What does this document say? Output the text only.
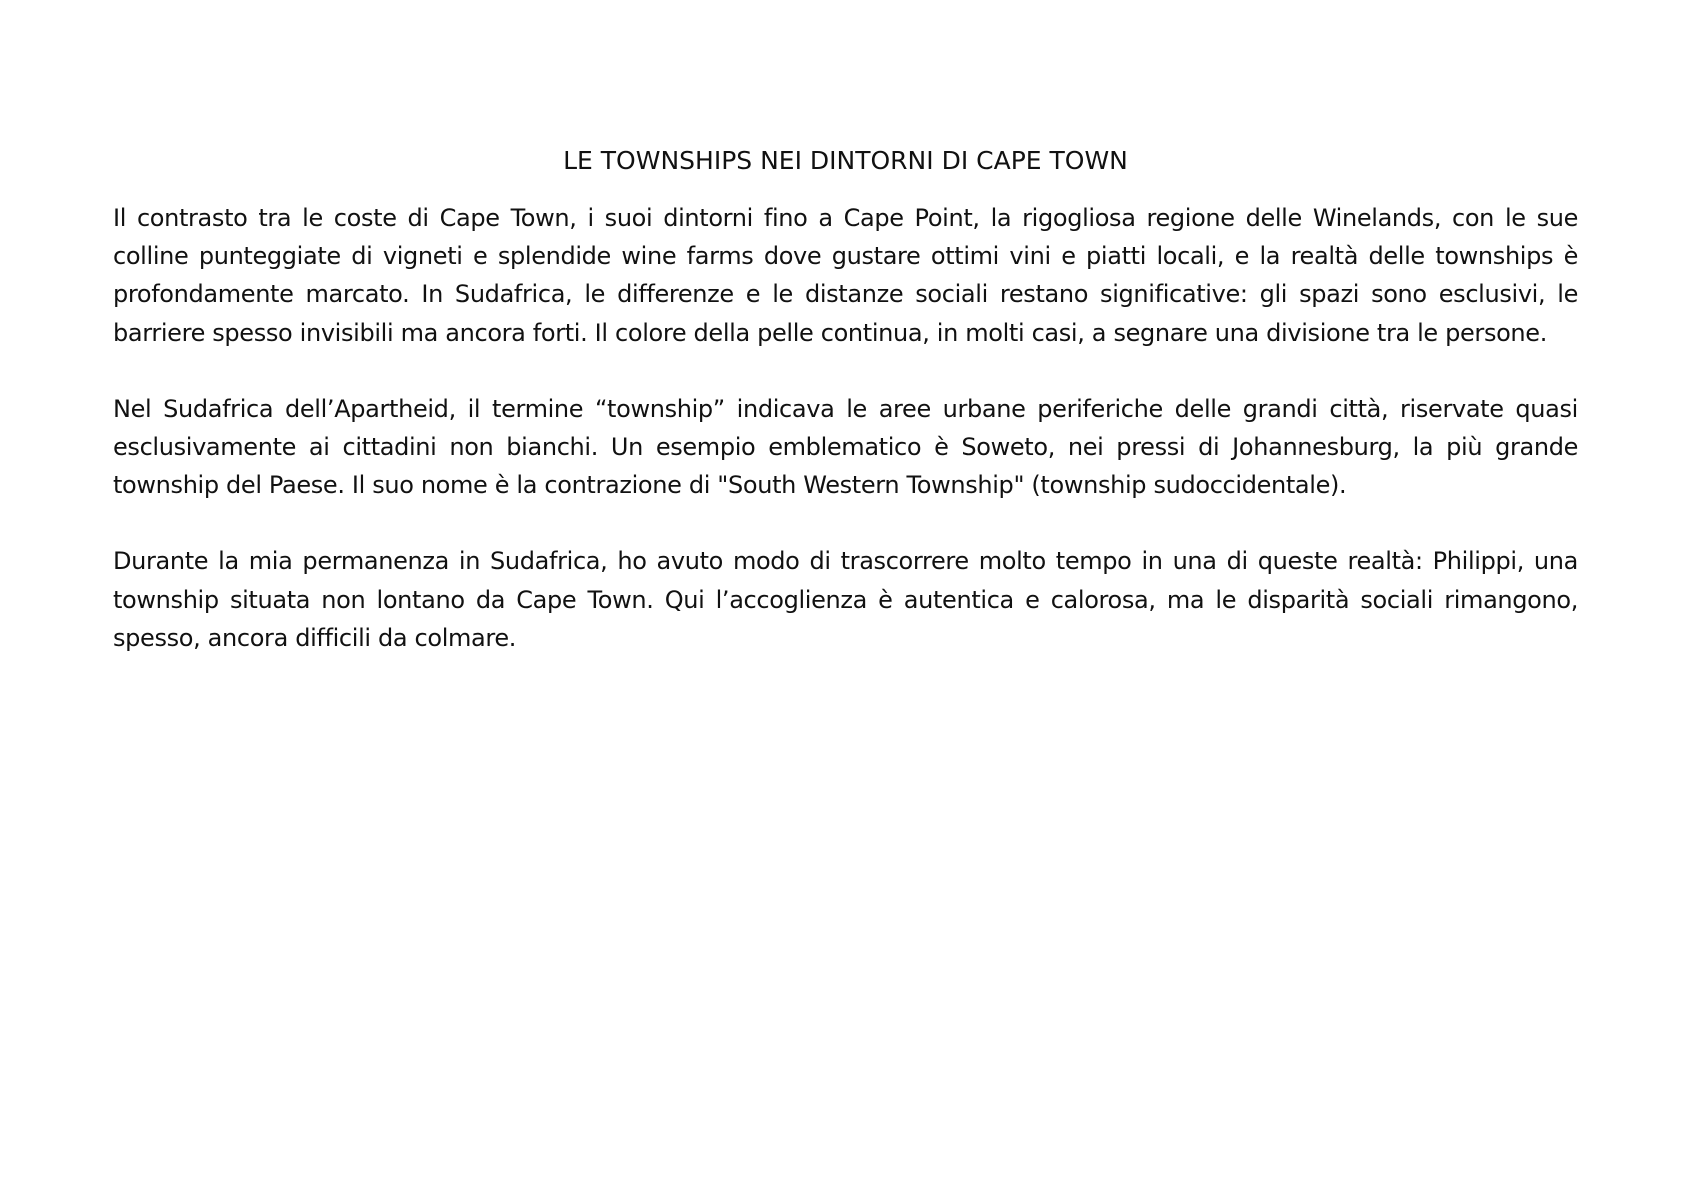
LE TOWNSHIPS NEI DINTORNI DI CAPE TOWN

Il contrasto tra le coste di Cape Town, i suoi dintorni fino a Cape Point, la rigogliosa regione delle Winelands, con le sue colline punteggiate di vigneti e splendide wine farms dove gustare ottimi vini e piatti locali, e la realtà delle townships è profondamente marcato. In Sudafrica, le differenze e le distanze sociali restano significative: gli spazi sono esclusivi, le barriere spesso invisibili ma ancora forti. Il colore della pelle continua, in molti casi, a segnare una divisione tra le persone.

Nel Sudafrica dell’Apartheid, il termine “township” indicava le aree urbane periferiche delle grandi città, riservate quasi esclusivamente ai cittadini non bianchi. Un esempio emblematico è Soweto, nei pressi di Johannesburg, la più grande township del Paese. Il suo nome è la contrazione di "South Western Township" (township sudoccidentale).

Durante la mia permanenza in Sudafrica, ho avuto modo di trascorrere molto tempo in una di queste realtà: Philippi, una township situata non lontano da Cape Town. Qui l’accoglienza è autentica e calorosa, ma le disparità sociali rimangono, spesso, ancora difficili da colmare.
